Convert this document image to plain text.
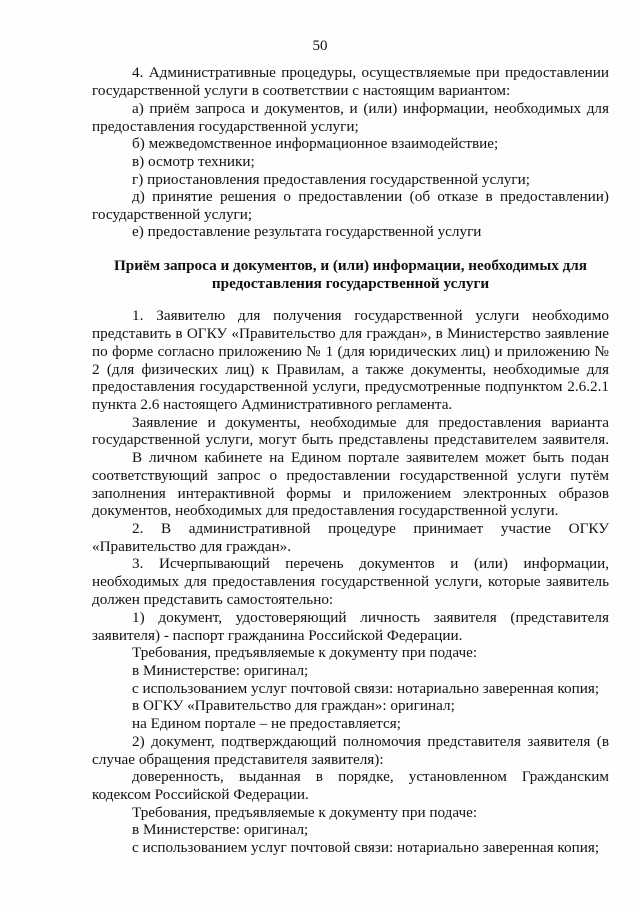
50
4. Административные процедуры, осуществляемые при предоставлении
государственной услуги в соответствии с настоящим вариантом:
а) приём запроса и документов, и (или) информации, необходимых для
предоставления государственной услуги;
б) межведомственное информационное взаимодействие;
в) осмотр техники;
г) приостановления предоставления государственной услуги;
д) принятие решения о предоставлении (об отказе в предоставлении)
государственной услуги;
е) предоставление результата государственной услуги
Приём запроса и документов, и (или) информации, необходимых для
предоставления государственной услуги
1. Заявителю для получения государственной услуги необходимо
представить в ОГКУ «Правительство для граждан», в Министерство заявление
по форме согласно приложению № 1 (для юридических лиц) и приложению №
2 (для физических лиц) к Правилам, а также документы, необходимые для
предоставления государственной услуги, предусмотренные подпунктом 2.6.2.1
пункта 2.6 настоящего Административного регламента.
Заявление и документы, необходимые для предоставления варианта
государственной услуги, могут быть представлены представителем заявителя.
В личном кабинете на Едином портале заявителем может быть подан
соответствующий запрос о предоставлении государственной услуги путём
заполнения интерактивной формы и приложением электронных образов
документов, необходимых для предоставления государственной услуги.
2. В административной процедуре принимает участие ОГКУ
«Правительство для граждан».
3. Исчерпывающий перечень документов и (или) информации,
необходимых для предоставления государственной услуги, которые заявитель
должен представить самостоятельно:
1) документ, удостоверяющий личность заявителя (представителя
заявителя) - паспорт гражданина Российской Федерации.
Требования, предъявляемые к документу при подаче:
в Министерстве: оригинал;
с использованием услуг почтовой связи: нотариально заверенная копия;
в ОГКУ «Правительство для граждан»: оригинал;
на Едином портале – не предоставляется;
2) документ, подтверждающий полномочия представителя заявителя (в
случае обращения представителя заявителя):
доверенность, выданная в порядке, установленном Гражданским
кодексом Российской Федерации.
Требования, предъявляемые к документу при подаче:
в Министерстве: оригинал;
с использованием услуг почтовой связи: нотариально заверенная копия;
